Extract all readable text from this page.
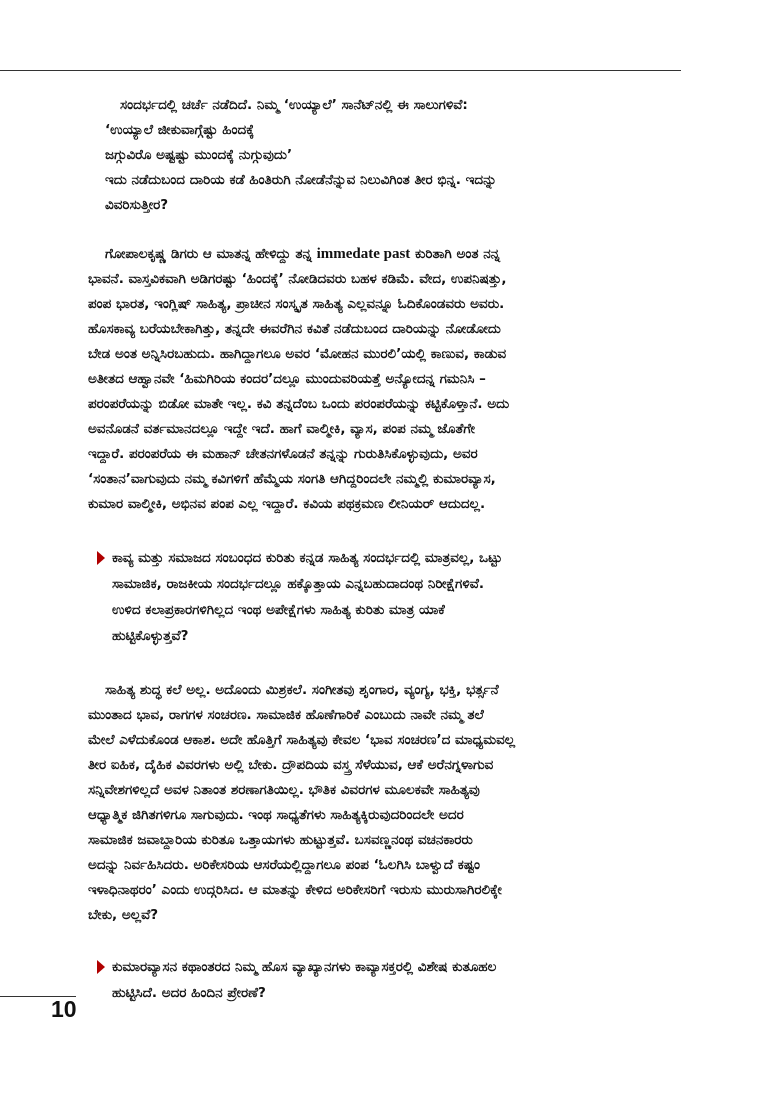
ಸಂದರ್ಭದಲ್ಲಿ ಚರ್ಚೆ ನಡೆದಿದೆ. ನಿಮ್ಮ ‘ಉಯ್ಯಾಲೆ’ ಸಾನೆಟ್‌ನಲ್ಲಿ ಈ ಸಾಲುಗಳಿವೆ:
‘ಉಯ್ಯಾಲೆ ಜೀಕುವಾಗ್ಗೆಷ್ಟು ಹಿಂದಕ್ಕೆ
ಜಗ್ಗುವಿರೊ ಅಷ್ಟಷ್ಟು ಮುಂದಕ್ಕೆ ನುಗ್ಗುವುದು’
ಇದು ನಡೆದುಬಂದ ದಾರಿಯ ಕಡೆ ಹಿಂತಿರುಗಿ ನೋಡೆನೆನ್ನುವ ನಿಲುವಿಗಿಂತ ತೀರ ಭಿನ್ನ. ಇದನ್ನು
ವಿವರಿಸುತ್ತೀರ?
ಗೋಪಾಲಕೃಷ್ಣ ಡಿಗರು ಆ ಮಾತನ್ನ ಹೇಳಿದ್ದು ತನ್ನ immedate past ಕುರಿತಾಗಿ ಅಂತ ನನ್ನ
ಭಾವನೆ. ವಾಸ್ತವಿಕವಾಗಿ ಅಡಿಗರಷ್ಟು ‘ಹಿಂದಕ್ಕೆ’ ನೋಡಿದವರು ಬಹಳ ಕಡಿಮೆ. ವೇದ, ಉಪನಿಷತ್ತು,
ಪಂಪ ಭಾರತ, ಇಂಗ್ಲಿಷ್ ಸಾಹಿತ್ಯ, ಪ್ರಾಚೀನ ಸಂಸ್ಕೃತ ಸಾಹಿತ್ಯ ಎಲ್ಲವನ್ನೂ ಓದಿಕೊಂಡವರು ಅವರು.
ಹೊಸಕಾವ್ಯ ಬರೆಯಬೇಕಾಗಿತ್ತು, ತನ್ನದೇ ಈವರೆಗಿನ ಕವಿತೆ ನಡೆದುಬಂದ ದಾರಿಯನ್ನು ನೋಡೋದು
ಬೇಡ ಅಂತ ಅನ್ನಿಸಿರಬಹುದು. ಹಾಗಿದ್ದಾಗಲೂ ಅವರ ‘ಮೋಹನ ಮುರಲಿ’ಯಲ್ಲಿ ಕಾಣುವ, ಕಾಡುವ
ಅತೀತದ ಆಹ್ವಾನವೇ ‘ಹಿಮಗಿರಿಯ ಕಂದರ’ದಲ್ಲೂ ಮುಂದುವರಿಯತ್ತೆ ಅನ್ಯೋದನ್ನ ಗಮನಿಸಿ –
ಪರಂಪರೆಯನ್ನು ಬಿಡೋ ಮಾತೇ ಇಲ್ಲ. ಕವಿ ತನ್ನದೆಂಬ ಒಂದು ಪರಂಪರೆಯನ್ನು ಕಟ್ಟಿಕೊಳ್ತಾನೆ. ಅದು
ಅವನೊಡನೆ ವರ್ತಮಾನದಲ್ಲೂ ಇದ್ದೇ ಇದೆ. ಹಾಗೆ ವಾಲ್ಮೀಕಿ, ವ್ಯಾಸ, ಪಂಪ ನಮ್ಮ ಜೊತೆಗೇ
ಇದ್ದಾರೆ. ಪರಂಪರೆಯ ಈ ಮಹಾನ್ ಚೇತನಗಳೊಡನೆ ತನ್ನನ್ನು ಗುರುತಿಸಿಕೊಳ್ಳುವುದು, ಅವರ
‘ಸಂತಾನ’ವಾಗುವುದು ನಮ್ಮ ಕವಿಗಳಿಗೆ ಹೆಮ್ಮೆಯ ಸಂಗತಿ ಆಗಿದ್ದರಿಂದಲೇ ನಮ್ಮಲ್ಲಿ ಕುಮಾರವ್ಯಾಸ,
ಕುಮಾರ ವಾಲ್ಮೀಕಿ, ಅಭಿನವ ಪಂಪ ಎಲ್ಲ ಇದ್ದಾರೆ. ಕವಿಯ ಪಥಕ್ರಮಣ ಲೀನಿಯರ್ ಆದುದಲ್ಲ.
ಕಾವ್ಯ ಮತ್ತು ಸಮಾಜದ ಸಂಬಂಧದ ಕುರಿತು ಕನ್ನಡ ಸಾಹಿತ್ಯ ಸಂದರ್ಭದಲ್ಲಿ ಮಾತ್ರವಲ್ಲ, ಒಟ್ಟು
ಸಾಮಾಜಿಕ, ರಾಜಕೀಯ ಸಂದರ್ಭದಲ್ಲೂ ಹಕ್ಕೊತ್ತಾಯ ಎನ್ನಬಹುದಾದಂಥ ನಿರೀಕ್ಷೆಗಳಿವೆ.
ಉಳಿದ ಕಲಾಪ್ರಕಾರಗಳಿಗಿಲ್ಲದ ಇಂಥ ಅಪೇಕ್ಷೆಗಳು ಸಾಹಿತ್ಯ ಕುರಿತು ಮಾತ್ರ ಯಾಕೆ
ಹುಟ್ಟಿಕೊಳ್ಳುತ್ತವೆ?
ಸಾಹಿತ್ಯ ಶುದ್ಧ ಕಲೆ ಅಲ್ಲ. ಅದೊಂದು ಮಿಶ್ರಕಲೆ. ಸಂಗೀತವು ಶೃಂಗಾರ, ವ್ಯಂಗ್ಯ, ಭಕ್ತಿ, ಭರ್ತ್ಸನೆ
ಮುಂತಾದ ಭಾವ, ರಾಗಗಳ ಸಂಚರಣ. ಸಾಮಾಜಿಕ ಹೊಣೆಗಾರಿಕೆ ಎಂಬುದು ನಾವೇ ನಮ್ಮ ತಲೆ
ಮೇಲೆ ಎಳೆದುಕೊಂಡ ಆಕಾಶ. ಅದೇ ಹೊತ್ತಿಗೆ ಸಾಹಿತ್ಯವು ಕೇವಲ ‘ಭಾವ ಸಂಚರಣ’ದ ಮಾಧ್ಯಮವಲ್ಲ
ತೀರ ಐಹಿಕ, ದೈಹಿಕ ವಿವರಗಳು ಅಲ್ಲಿ ಬೇಕು. ದ್ರೌಪದಿಯ ವಸ್ತ್ರ ಸೆಳೆಯುವ, ಆಕೆ ಅರೆನಗ್ನಳಾಗುವ
ಸನ್ನಿವೇಶಗಳಿಲ್ಲದೆ ಅವಳ ನಿತಾಂತ ಶರಣಾಗತಿಯಿಲ್ಲ. ಭೌತಿಕ ವಿವರಗಳ ಮೂಲಕವೇ ಸಾಹಿತ್ಯವು
ಆಧ್ಯಾತ್ಮಿಕ ಜಿಗಿತಗಳಿಗೂ ಸಾಗುವುದು. ಇಂಥ ಸಾಧ್ಯತೆಗಳು ಸಾಹಿತ್ಯಕ್ಕಿರುವುದರಿಂದಲೇ ಅದರ
ಸಾಮಾಜಿಕ ಜವಾಬ್ದಾರಿಯ ಕುರಿತೂ ಒತ್ತಾಯಗಳು ಹುಟ್ಟುತ್ತವೆ. ಬಸವಣ್ಣನಂಥ ವಚನಕಾರರು
ಅದನ್ನು ನಿರ್ವಹಿಸಿದರು. ಅರಿಕೇಸರಿಯ ಆಸರೆಯಲ್ಲಿದ್ದಾಗಲೂ ಪಂಪ ‘ಓಲಗಿಸಿ ಬಾಳ್ವುದೆ ಕಷ್ಟಂ
ಇಳಾಧಿನಾಥರಂ’ ಎಂದು ಉದ್ಗರಿಸಿದ. ಆ ಮಾತನ್ನು ಕೇಳಿದ ಅರಿಕೇಸರಿಗೆ ಇರುಸು ಮುರುಸಾಗಿರಲಿಕ್ಕೇ
ಬೇಕು, ಅಲ್ಲವೆ?
ಕುಮಾರವ್ಯಾಸನ ಕಥಾಂತರದ ನಿಮ್ಮ ಹೊಸ ವ್ಯಾಖ್ಯಾನಗಳು ಕಾವ್ಯಾಸಕ್ತರಲ್ಲಿ ವಿಶೇಷ ಕುತೂಹಲ
ಹುಟ್ಟಿಸಿದೆ. ಅದರ ಹಿಂದಿನ ಪ್ರೇರಣೆ?
10
